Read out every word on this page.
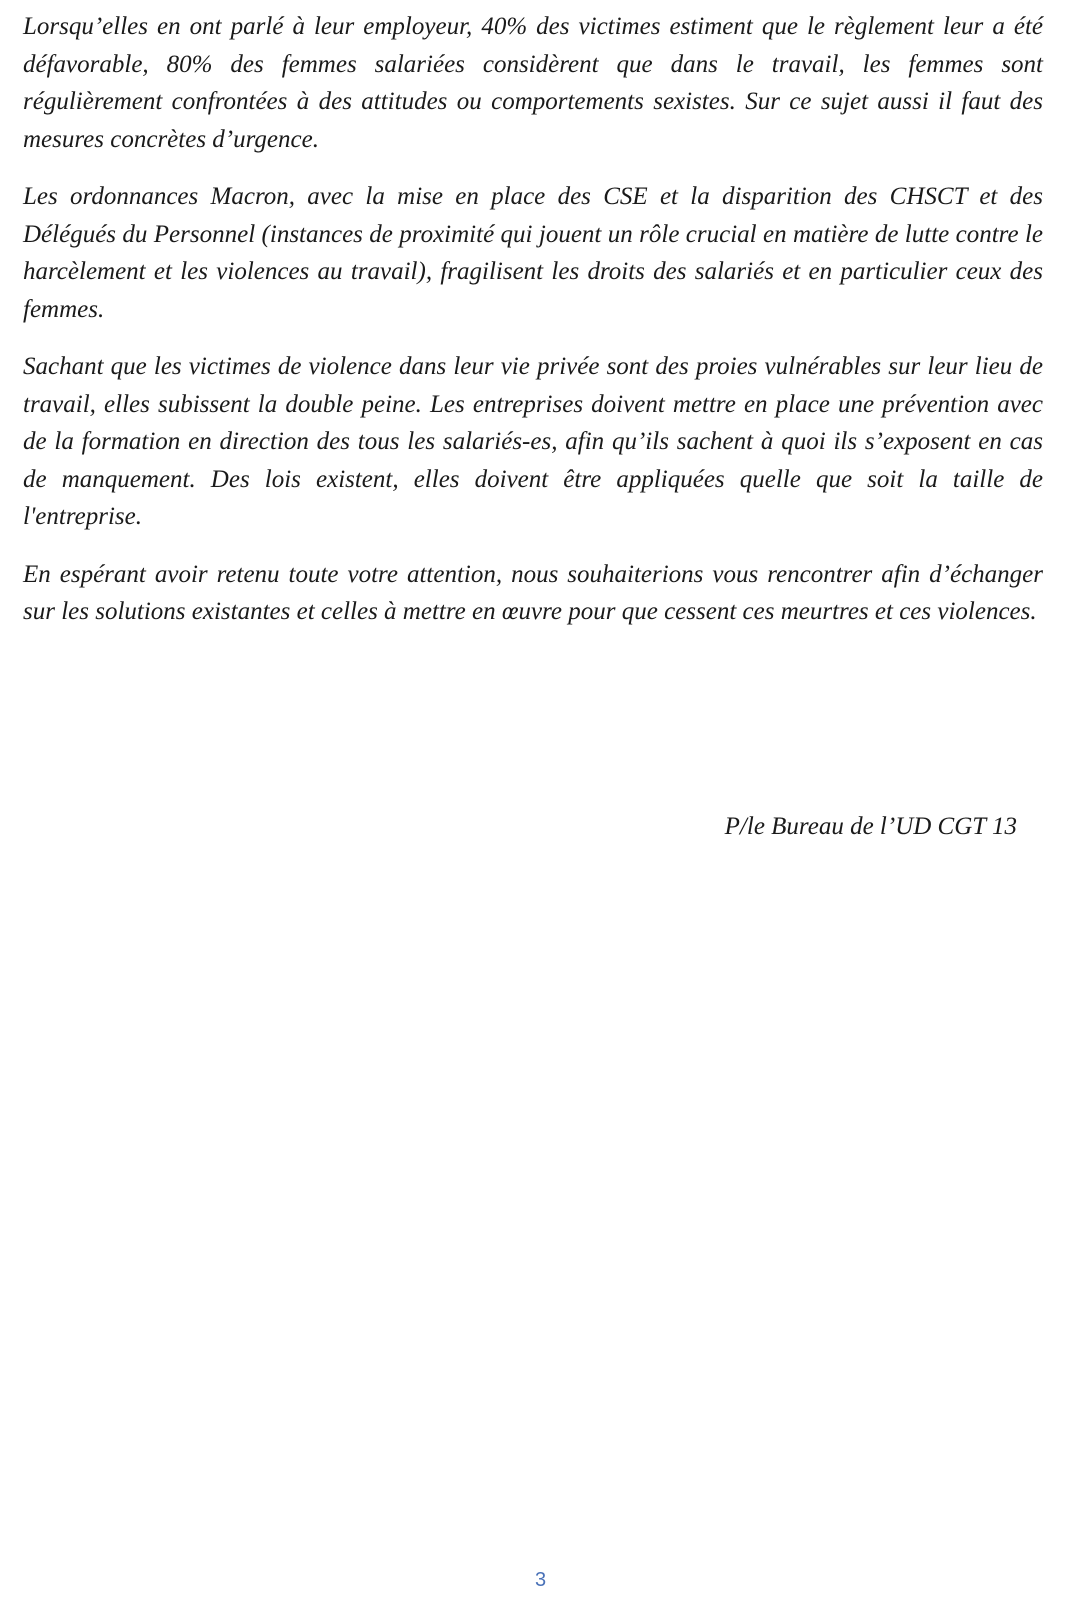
Lorsqu’elles en ont parlé à leur employeur, 40% des victimes estiment que le règlement leur a été défavorable, 80% des femmes salariées considèrent que dans le travail, les femmes sont régulièrement confrontées à des attitudes ou comportements sexistes. Sur ce sujet aussi il faut des mesures concrètes d’urgence.

Les ordonnances Macron, avec la mise en place des CSE et la disparition des CHSCT et des Délégués du Personnel (instances de proximité qui jouent un rôle crucial en matière de lutte contre le harcèlement et les violences au travail), fragilisent les droits des salariés et en particulier ceux des femmes.

Sachant que les victimes de violence dans leur vie privée sont des proies vulnérables sur leur lieu de travail, elles subissent la double peine. Les entreprises doivent mettre en place une prévention avec de la formation en direction des tous les salariés-es, afin qu’ils sachent à quoi ils s’exposent en cas de manquement. Des lois existent, elles doivent être appliquées quelle que soit la taille de l'entreprise.

En espérant avoir retenu toute votre attention, nous souhaiterions vous rencontrer afin d’échanger sur les solutions existantes et celles à mettre en œuvre pour que cessent ces meurtres et ces violences.

P/le Bureau de l’UD CGT 13
3
